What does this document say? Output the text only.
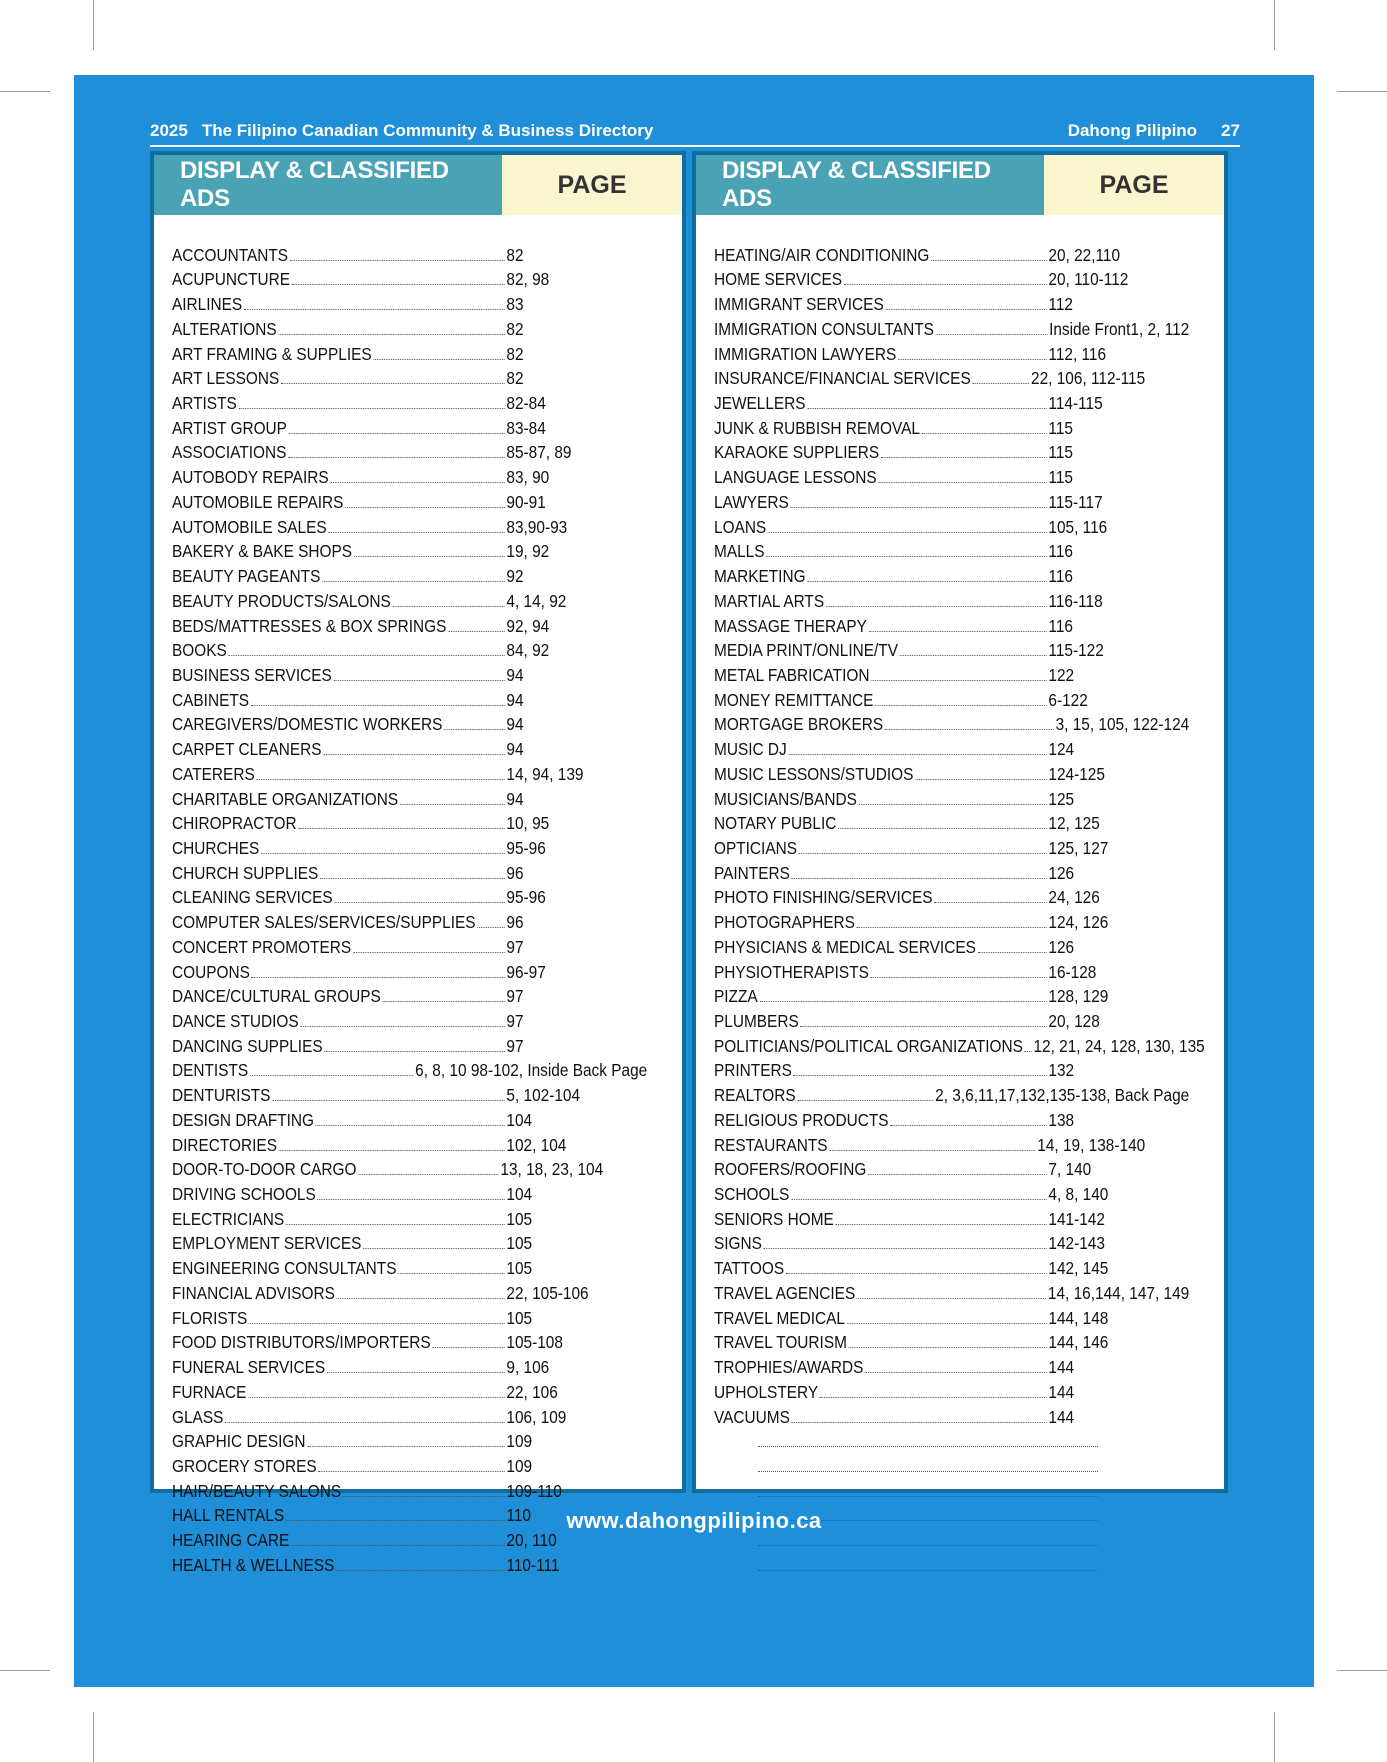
2025 The Filipino Canadian Community & Business Directory	Dahong Pilipino 27
DISPLAY & CLASSIFIED ADS	PAGE
ACCOUNTANTS	82
ACUPUNCTURE	82, 98
AIRLINES	83
ALTERATIONS	82
ART FRAMING & SUPPLIES	82
ART LESSONS	82
ARTISTS	82-84
ARTIST GROUP	83-84
ASSOCIATIONS	85-87, 89
AUTOBODY REPAIRS	83, 90
AUTOMOBILE REPAIRS	90-91
AUTOMOBILE SALES	83,90-93
BAKERY & BAKE SHOPS	19, 92
BEAUTY PAGEANTS	92
BEAUTY PRODUCTS/SALONS	4, 14, 92
BEDS/MATTRESSES & BOX SPRINGS	92, 94
BOOKS	84, 92
BUSINESS SERVICES	94
CABINETS	94
CAREGIVERS/DOMESTIC WORKERS	94
CARPET CLEANERS	94
CATERERS	14, 94, 139
CHARITABLE ORGANIZATIONS	94
CHIROPRACTOR	10, 95
CHURCHES	95-96
CHURCH SUPPLIES	96
CLEANING SERVICES	95-96
COMPUTER SALES/SERVICES/SUPPLIES 96
CONCERT PROMOTERS	97
COUPONS	96-97
DANCE/CULTURAL GROUPS	97
DANCE STUDIOS	97
DANCING SUPPLIES	97
DENTISTS	6, 8, 10 98-102, Inside Back Page
DENTURISTS	5, 102-104
DESIGN DRAFTING	104
DIRECTORIES	102, 104
DOOR-TO-DOOR CARGO	13, 18, 23, 104
DRIVING SCHOOLS	104
ELECTRICIANS	105
EMPLOYMENT SERVICES	105
ENGINEERING CONSULTANTS	105
FINANCIAL ADVISORS	22, 105-106
FLORISTS	105
FOOD DISTRIBUTORS/IMPORTERS	105-108
FUNERAL SERVICES	9, 106
FURNACE	22, 106
GLASS	106, 109
GRAPHIC DESIGN	109
GROCERY STORES	109
HAIR/BEAUTY SALONS	109-110
HALL RENTALS	110
HEARING CARE	20, 110
HEALTH & WELLNESS	110-111
DISPLAY & CLASSIFIED ADS	PAGE
HEATING/AIR CONDITIONING	20, 22,110
HOME SERVICES	20, 110-112
IMMIGRANT SERVICES	112
IMMIGRATION CONSULTANTS	Inside Front1, 2, 112
IMMIGRATION LAWYERS	112, 116
INSURANCE/FINANCIAL SERVICES	22, 106, 112-115
JEWELLERS	114-115
JUNK & RUBBISH REMOVAL	115
KARAOKE SUPPLIERS	115
LANGUAGE LESSONS	115
LAWYERS	115-117
LOANS	105, 116
MALLS	116
MARKETING	116
MARTIAL ARTS	116-118
MASSAGE THERAPY	116
MEDIA PRINT/ONLINE/TV	115-122
METAL FABRICATION	122
MONEY REMITTANCE	6-122
MORTGAGE BROKERS	3, 15, 105, 122-124
MUSIC DJ	124
MUSIC LESSONS/STUDIOS	124-125
MUSICIANS/BANDS	125
NOTARY PUBLIC	12, 125
OPTICIANS	125, 127
PAINTERS	126
PHOTO FINISHING/SERVICES	24, 126
PHOTOGRAPHERS	124, 126
PHYSICIANS & MEDICAL SERVICES	126
PHYSIOTHERAPISTS	16-128
PIZZA	128, 129
PLUMBERS	20, 128
POLITICIANS/POLITICAL ORGANIZATIONS 12, 21, 24, 128, 130, 135
PRINTERS	132
REALTORS	2, 3,6,11,17,132,135-138, Back Page
RELIGIOUS PRODUCTS	138
RESTAURANTS	14, 19, 138-140
ROOFERS/ROOFING	7, 140
SCHOOLS	4, 8, 140
SENIORS HOME	141-142
SIGNS	142-143
TATTOOS	142, 145
TRAVEL AGENCIES	14, 16,144, 147, 149
TRAVEL MEDICAL	144, 148
TRAVEL TOURISM	144, 146
TROPHIES/AWARDS	144
UPHOLSTERY	144
VACUUMS	144
www.dahongpilipino.ca
